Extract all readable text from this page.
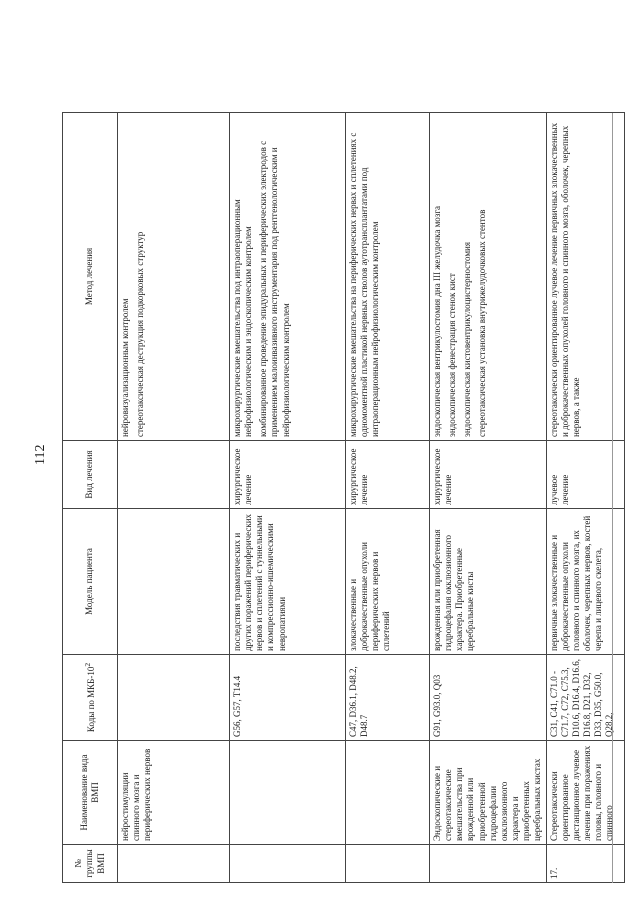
112
№ группы ВМП	Наименование вида ВМП	Коды по МКБ-$10^2$	Модель пациента	Вид лечения	Метод лечения
	нейростимуляции спинного мозга и периферических нервов				нейровизуализационным контролем стереотаксическая деструкция подкорковых структур

		G56, G57, T14.4	последствия травматических и других поражений периферических нервов и сплетений с туннельными и компрессионно-ишемическими невропатиями	хирургическое лечение	микрохирургические вмешательства под интраоперационным нейрофизиологическим и эндоскопическим контролем комбинированное проведение эпидуральных и периферических электродов с применением малоинвазивного инструментария под рентгенологическим и нейрофизиологическим контролем

		C47, D36.1, D48.2, D48.7	злокачественные и доброкачественные опухоли периферических нервов и сплетений	хирургическое лечение	микрохирургические вмешательства на периферических нервах и сплетениях с одномоментной пластикой нервных стволов аутотрансплантатами под интраоперационным нейрофизиологическим контролем

	Эндоскопические и стереотаксические вмешательства при врожденной или приобретенной гидроцефалии окклюзионного характера и приобретенных церебральных кистах	G91, G93.0, Q03	врожденная или приобретенная гидроцефалия окклюзионного характера. Приобретенные церебральные кисты	хирургическое лечение	эндоскопическая вентрикулостомия дна III желудочка мозга эндоскопическая фенестрация стенок кист эндоскопическая кистовентрикулоцистерностомия стереотаксическая установка внутрижелудочковых стентов

17.	Стереотаксически ориентированное дистанционное лучевое лечение при поражениях головы, головного и спинного	C31, C41, C71.0 - C71.7, C72, C75.3, D10.6, D16.4, D16.6, D16.8, D21, D32, D33, D35, G50.0, Q28.2,	первичные злокачественные и доброкачественные опухоли головного и спинного мозга, их оболочек, черепных нервов, костей черепа и лицевого скелета,	лучевое лечение	стереотаксически ориентированное лучевое лечение первичных злокачественных и доброкачественных опухолей головного и спинного мозга, оболочек, черепных нервов, а также
